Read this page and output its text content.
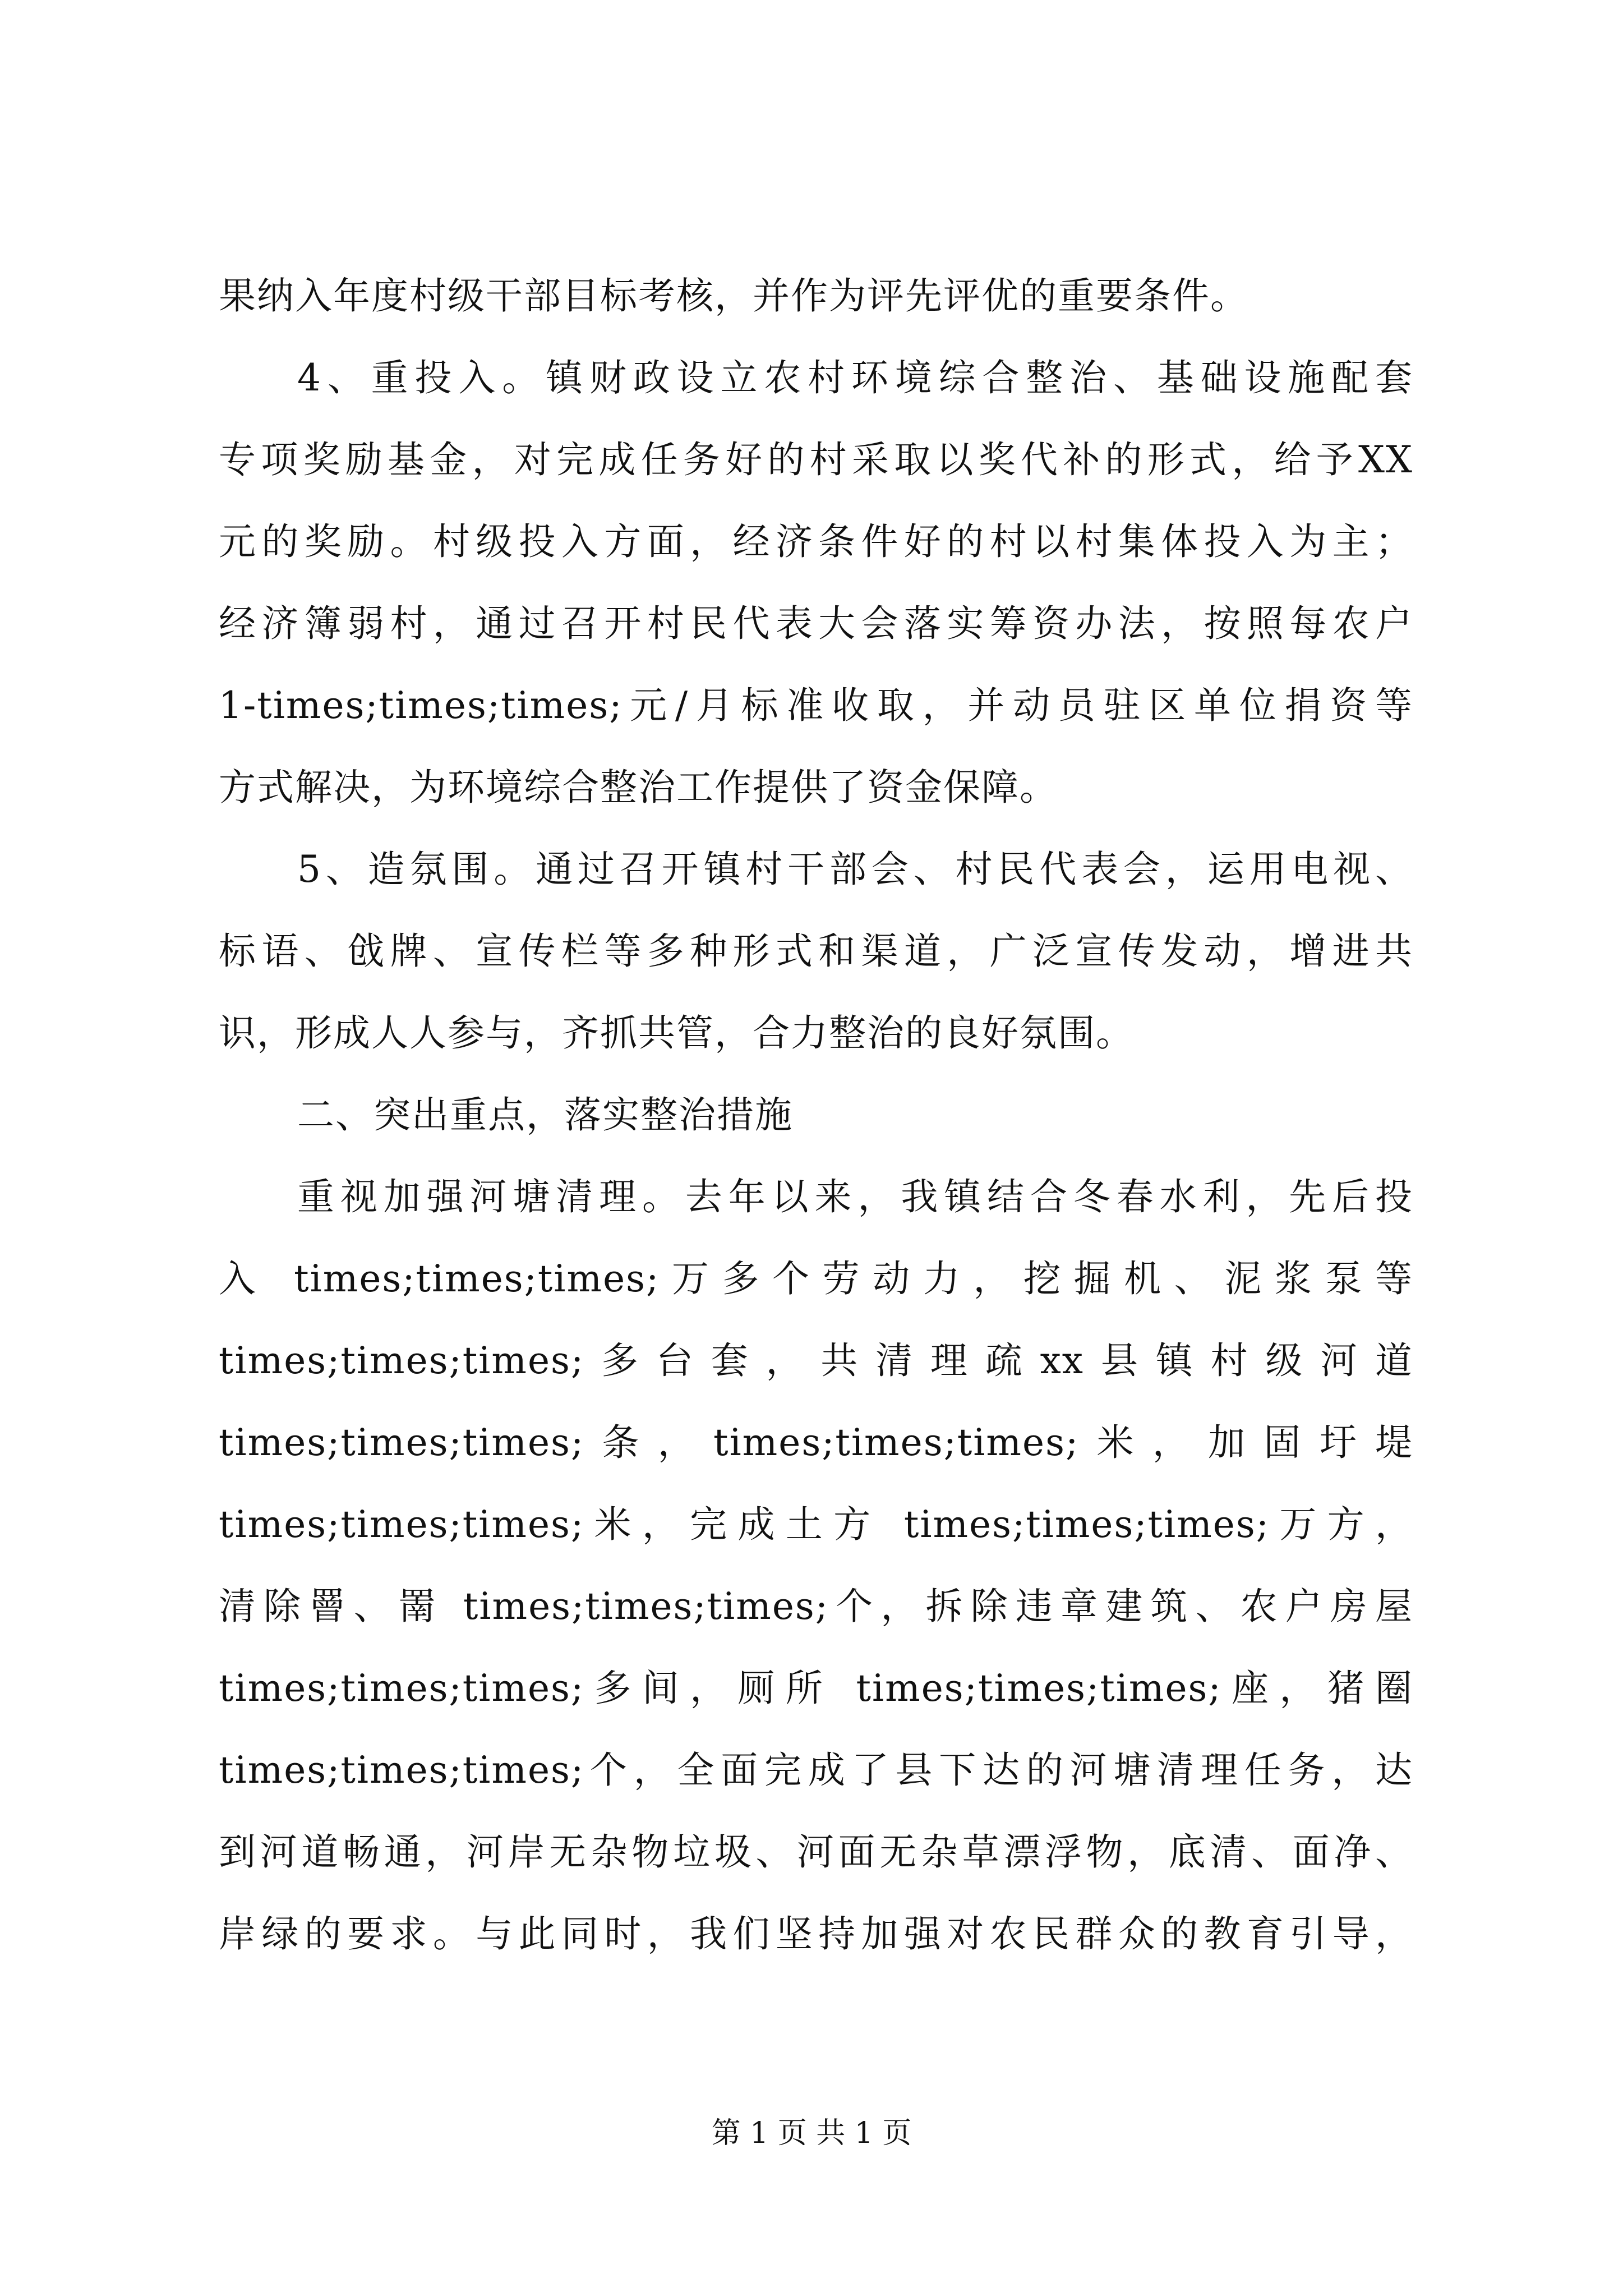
果纳入年度村级干部目标考核，并作为评先评优的重要条件。
4、重投入。镇财政设立农村环境综合整治、基础设施配套
专项奖励基金，对完成任务好的村采取以奖代补的形式，给予XX
元的奖励。村级投入方面，经济条件好的村以村集体投入为主；
经济簿弱村，通过召开村民代表大会落实筹资办法，按照每农户
1-times;times;times;元/月标准收取，并动员驻区单位捐资等
方式解决，为环境综合整治工作提供了资金保障。
5、造氛围。通过召开镇村干部会、村民代表会，运用电视、
标语、戗牌、宣传栏等多种形式和渠道，广泛宣传发动，增进共
识，形成人人参与，齐抓共管，合力整治的良好氛围。
二、突出重点，落实整治措施
重视加强河塘清理。去年以来，我镇结合冬春水利，先后投
入 times;times;times;万多个劳动力，挖掘机、泥浆泵等
times;times;times;多台套，共清理疏xx县镇村级河道
times;times;times;条，times;times;times;米，加固圩堤
times;times;times;米，完成土方 times;times;times;万方，
清除罾、罱 times;times;times;个，拆除违章建筑、农户房屋
times;times;times;多间，厕所 times;times;times;座，猪圈
times;times;times;个，全面完成了县下达的河塘清理任务，达
到河道畅通，河岸无杂物垃圾、河面无杂草漂浮物，底清、面净、
岸绿的要求。与此同时，我们坚持加强对农民群众的教育引导，
第 1 页 共 1 页
